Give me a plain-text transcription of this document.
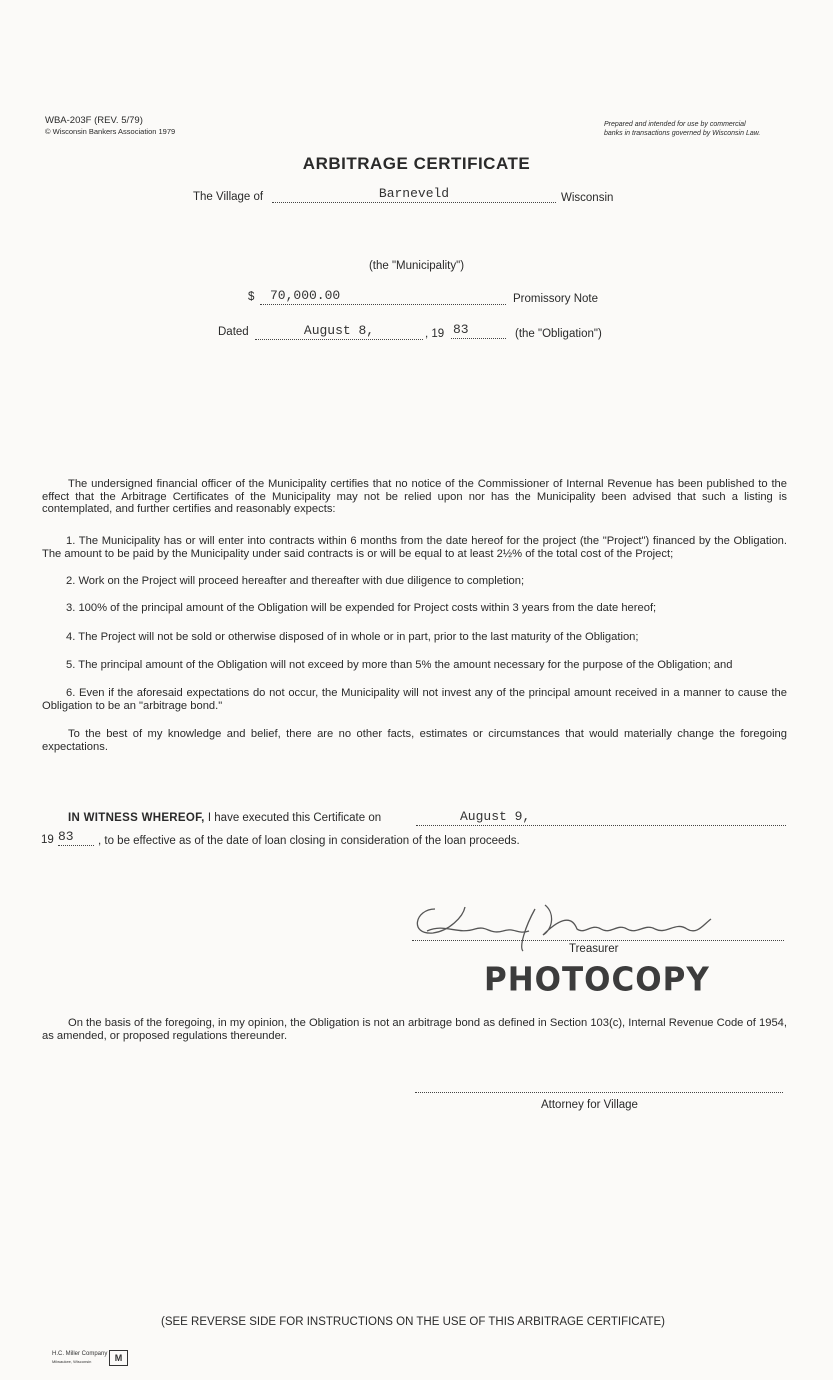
WBA-203F (REV. 5/79)
© Wisconsin Bankers Association 1979
Prepared and intended for use by commercial
banks in transactions governed by Wisconsin Law.
ARBITRAGE CERTIFICATE
The Village of	Barneveld	Wisconsin
(the "Municipality")
$	70,000.00	Promissory Note
Dated	August 8,	, 19 83	(the "Obligation")
The undersigned financial officer of the Municipality certifies that no notice of the Commissioner of Internal Revenue has been published to the effect that the Arbitrage Certificates of the Municipality may not be relied upon nor has the Municipality been advised that such a listing is contemplated, and further certifies and reasonably expects:
1. The Municipality has or will enter into contracts within 6 months from the date hereof for the project (the "Project") financed by the Obligation. The amount to be paid by the Municipality under said contracts is or will be equal to at least 2½% of the total cost of the Project;
2. Work on the Project will proceed hereafter and thereafter with due diligence to completion;
3. 100% of the principal amount of the Obligation will be expended for Project costs within 3 years from the date hereof;
4. The Project will not be sold or otherwise disposed of in whole or in part, prior to the last maturity of the Obligation;
5. The principal amount of the Obligation will not exceed by more than 5% the amount necessary for the purpose of the Obligation; and
6. Even if the aforesaid expectations do not occur, the Municipality will not invest any of the principal amount received in a manner to cause the Obligation to be an "arbitrage bond."
To the best of my knowledge and belief, there are no other facts, estimates or circumstances that would materially change the foregoing expectations.
IN WITNESS WHEREOF, I have executed this Certificate on	August 9,
19 83	, to be effective as of the date of loan closing in consideration of the loan proceeds.
Treasurer
PHOTOCOPY
On the basis of the foregoing, in my opinion, the Obligation is not an arbitrage bond as defined in Section 103(c), Internal Revenue Code of 1954, as amended, or proposed regulations thereunder.
Attorney for Village
(SEE REVERSE SIDE FOR INSTRUCTIONS ON THE USE OF THIS ARBITRAGE CERTIFICATE)
H.C. Miller Company
Milwaukee, Wisconsin	M
